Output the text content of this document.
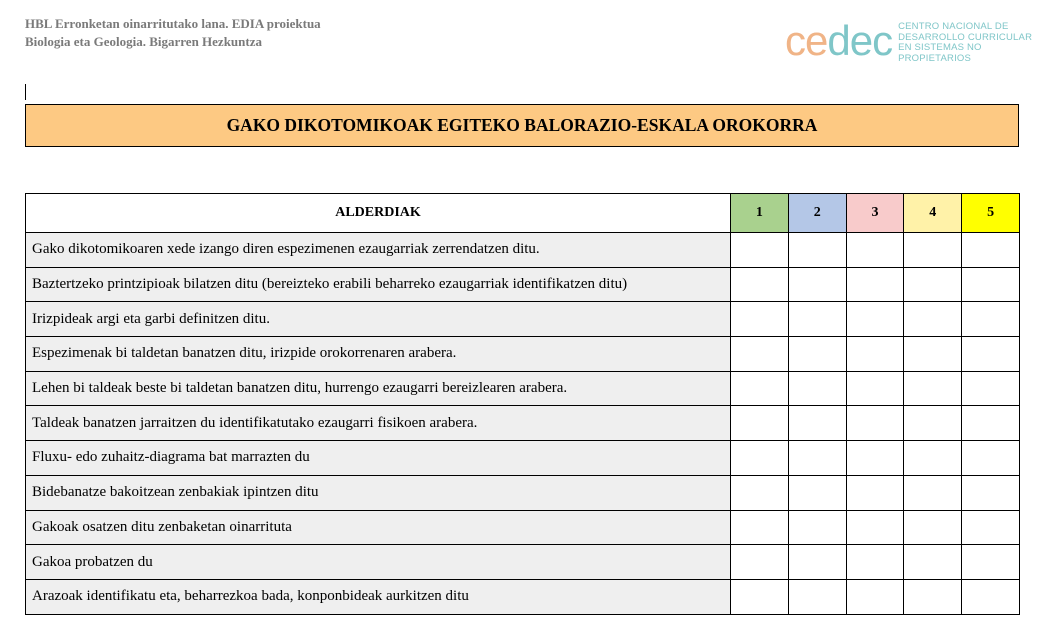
HBL Erronketan oinarritutako lana. EDIA proiektua
Biologia eta Geologia. Bigarren Hezkuntza	cedec CENTRO NACIONAL DE
DESARROLLO CURRICULAR
EN SISTEMAS NO PROPIETARIOS
GAKO DIKOTOMIKOAK EGITEKO BALORAZIO-ESKALA OROKORRA
ALDERDIAK	1	2	3	4	5
Gako dikotomikoaren xede izango diren espezimenen ezaugarriak zerrendatzen ditu.					
Baztertzeko printzipioak bilatzen ditu (bereizteko erabili beharreko ezaugarriak identifikatzen ditu)					
Irizpideak argi eta garbi definitzen ditu.					
Espezimenak bi taldetan banatzen ditu, irizpide orokorrenaren arabera.					
Lehen bi taldeak beste bi taldetan banatzen ditu, hurrengo ezaugarri bereizlearen arabera.					
Taldeak banatzen jarraitzen du identifikatutako ezaugarri fisikoen arabera.					
Fluxu- edo zuhaitz-diagrama bat marrazten du					
Bidebanatze bakoitzean zenbakiak ipintzen ditu					
Gakoak osatzen ditu zenbaketan oinarrituta					
Gakoa probatzen du					
Arazoak identifikatu eta, beharrezkoa bada, konponbideak aurkitzen ditu					
